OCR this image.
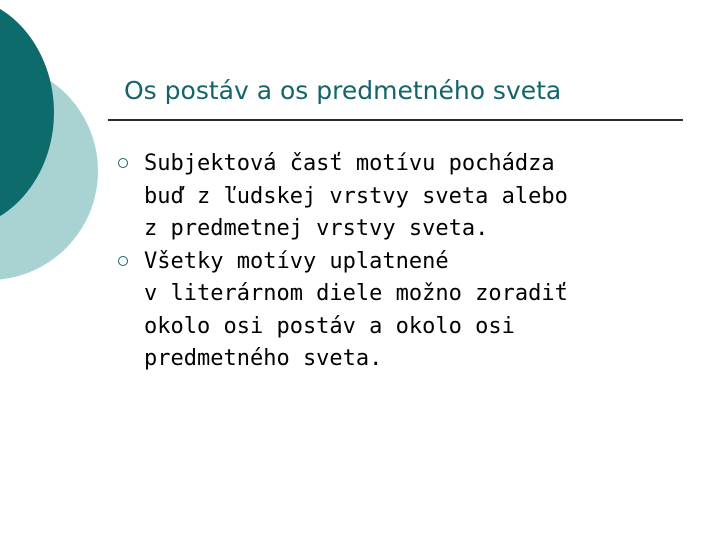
Os postáv a os predmetného sveta
Subjektová časť motívu pochádza
buď z ľudskej vrstvy sveta alebo
z predmetnej vrstvy sveta.
Všetky motívy uplatnené
v literárnom diele možno zoradiť
okolo osi postáv a okolo osi
predmetného sveta.
